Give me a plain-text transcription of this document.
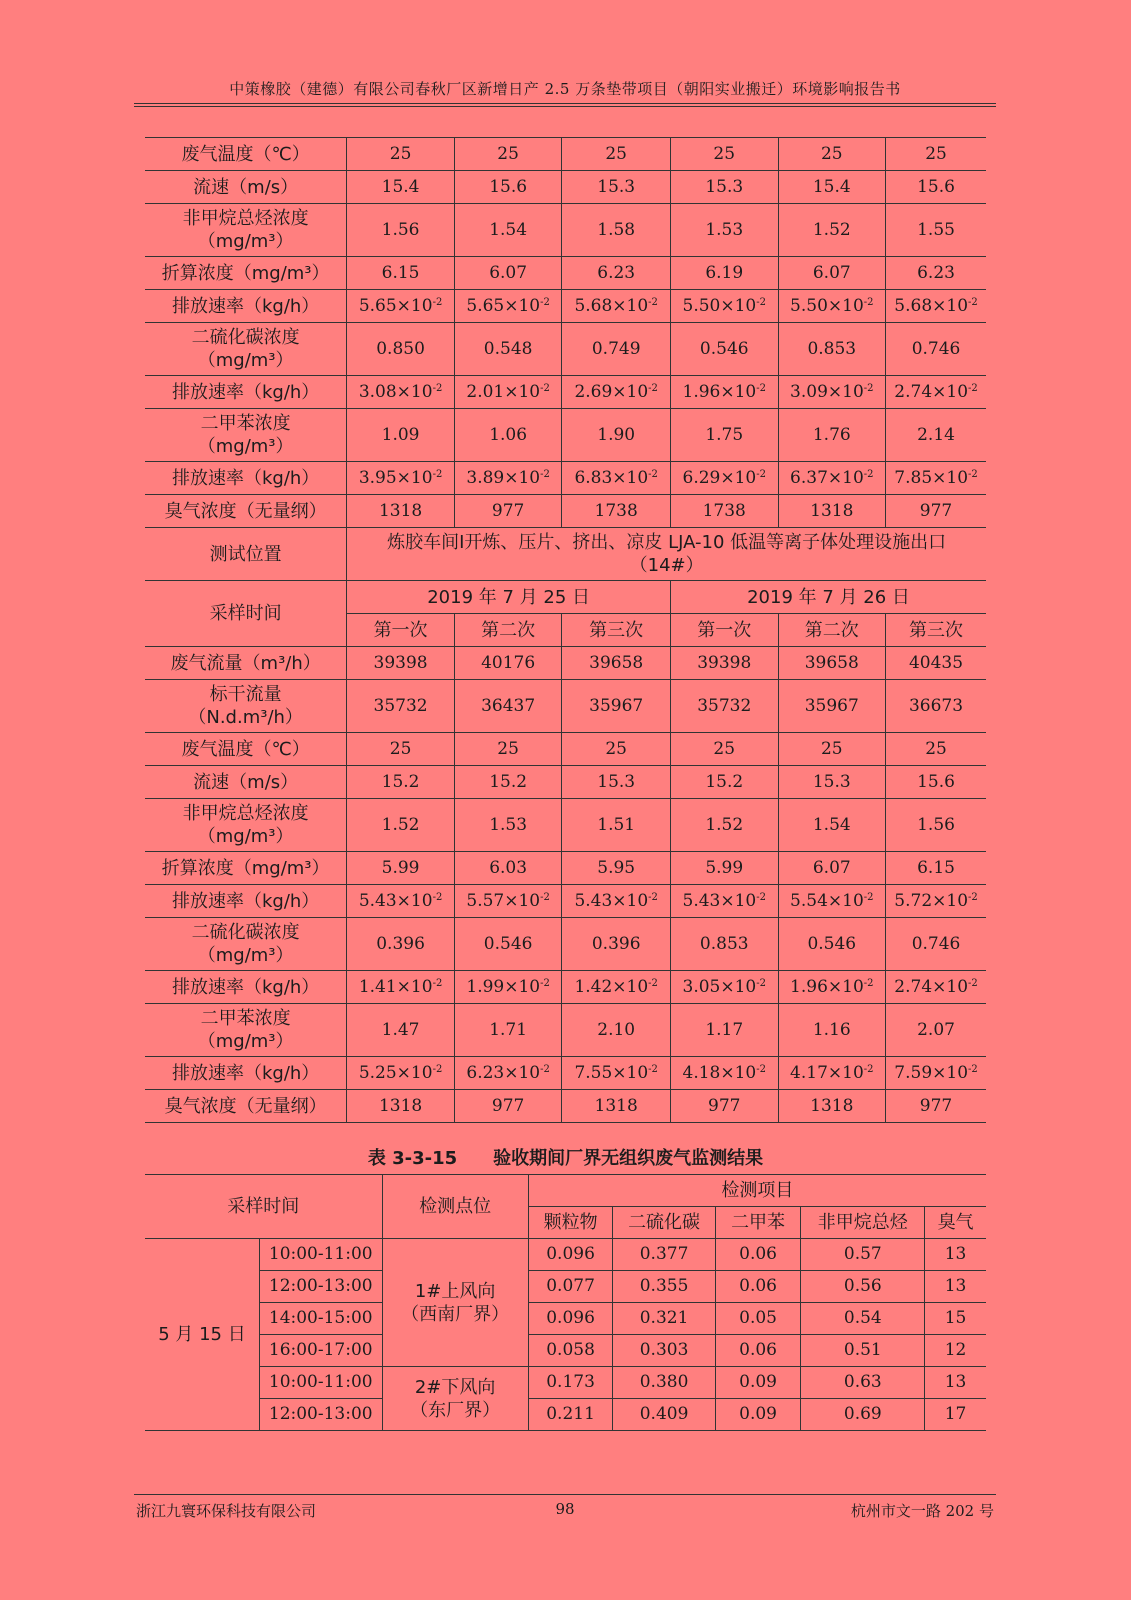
中策橡胶（建德）有限公司春秋厂区新增日产 2.5 万条垫带项目（朝阳实业搬迁）环境影响报告书
废气温度（℃）	25	25	25	25	25	25
流速（m/s）	15.4	15.6	15.3	15.3	15.4	15.6
非甲烷总烃浓度
（mg/m³）	1.56	1.54	1.58	1.53	1.52	1.55
折算浓度（mg/m³）	6.15	6.07	6.23	6.19	6.07	6.23
排放速率（kg/h）	$5.65\times 10^{-2}$	$5.65\times 10^{-2}$	$5.68\times 10^{-2}$	$5.50\times 10^{-2}$	$5.50\times 10^{-2}$	$5.68\times 10^{-2}$
二硫化碳浓度
（mg/m³）	0.850	0.548	0.749	0.546	0.853	0.746
排放速率（kg/h）	$3.08\times 10^{-2}$	$2.01\times 10^{-2}$	$2.69\times 10^{-2}$	$1.96\times 10^{-2}$	$3.09\times 10^{-2}$	$2.74\times 10^{-2}$
二甲苯浓度
（mg/m³）	1.09	1.06	1.90	1.75	1.76	2.14
排放速率（kg/h）	$3.95\times 10^{-2}$	$3.89\times 10^{-2}$	$6.83\times 10^{-2}$	$6.29\times 10^{-2}$	$6.37\times 10^{-2}$	$7.85\times 10^{-2}$
臭气浓度（无量纲）	1318	977	1738	1738	1318	977
测试位置	炼胶车间I开炼、压片、挤出、凉皮 LJA-10 低温等离子体处理设施出口（14#）					
采样时间	2019 年 7 月 25 日			2019 年 7 月 26 日		
	第一次	第二次	第三次	第一次	第二次	第三次
废气流量（m³/h）	39398	40176	39658	39398	39658	40435
标干流量
（N.d.m³/h）	35732	36437	35967	35732	35967	36673
废气温度（℃）	25	25	25	25	25	25
流速（m/s）	15.2	15.2	15.3	15.2	15.3	15.6
非甲烷总烃浓度
（mg/m³）	1.52	1.53	1.51	1.52	1.54	1.56
折算浓度（mg/m³）	5.99	6.03	5.95	5.99	6.07	6.15
排放速率（kg/h）	$5.43\times 10^{-2}$	$5.57\times 10^{-2}$	$5.43\times 10^{-2}$	$5.43\times 10^{-2}$	$5.54\times 10^{-2}$	$5.72\times 10^{-2}$
二硫化碳浓度
（mg/m³）	0.396	0.546	0.396	0.853	0.546	0.746
排放速率（kg/h）	$1.41\times 10^{-2}$	$1.99\times 10^{-2}$	$1.42\times 10^{-2}$	$3.05\times 10^{-2}$	$1.96\times 10^{-2}$	$2.74\times 10^{-2}$
二甲苯浓度
（mg/m³）	1.47	1.71	2.10	1.17	1.16	2.07
排放速率（kg/h）	$5.25\times 10^{-2}$	$6.23\times 10^{-2}$	$7.55\times 10^{-2}$	$4.18\times 10^{-2}$	$4.17\times 10^{-2}$	$7.59\times 10^{-2}$
臭气浓度（无量纲）	1318	977	1318	977	1318	977
表 3-3-15　　验收期间厂界无组织废气监测结果
采样时间		检测点位	检测项目				
			颗粒物	二硫化碳	二甲苯	非甲烷总烃	臭气
5 月 15 日	10:00-11:00	1#上风向
（西南厂界）	0.096	0.377	0.06	0.57	13
	12:00-13:00		0.077	0.355	0.06	0.56	13
	14:00-15:00		0.096	0.321	0.05	0.54	15
	16:00-17:00		0.058	0.303	0.06	0.51	12
	10:00-11:00	2#下风向
（东厂界）	0.173	0.380	0.09	0.63	13
	12:00-13:00		0.211	0.409	0.09	0.69	17
浙江九寰环保科技有限公司	98	杭州市文一路 202 号
